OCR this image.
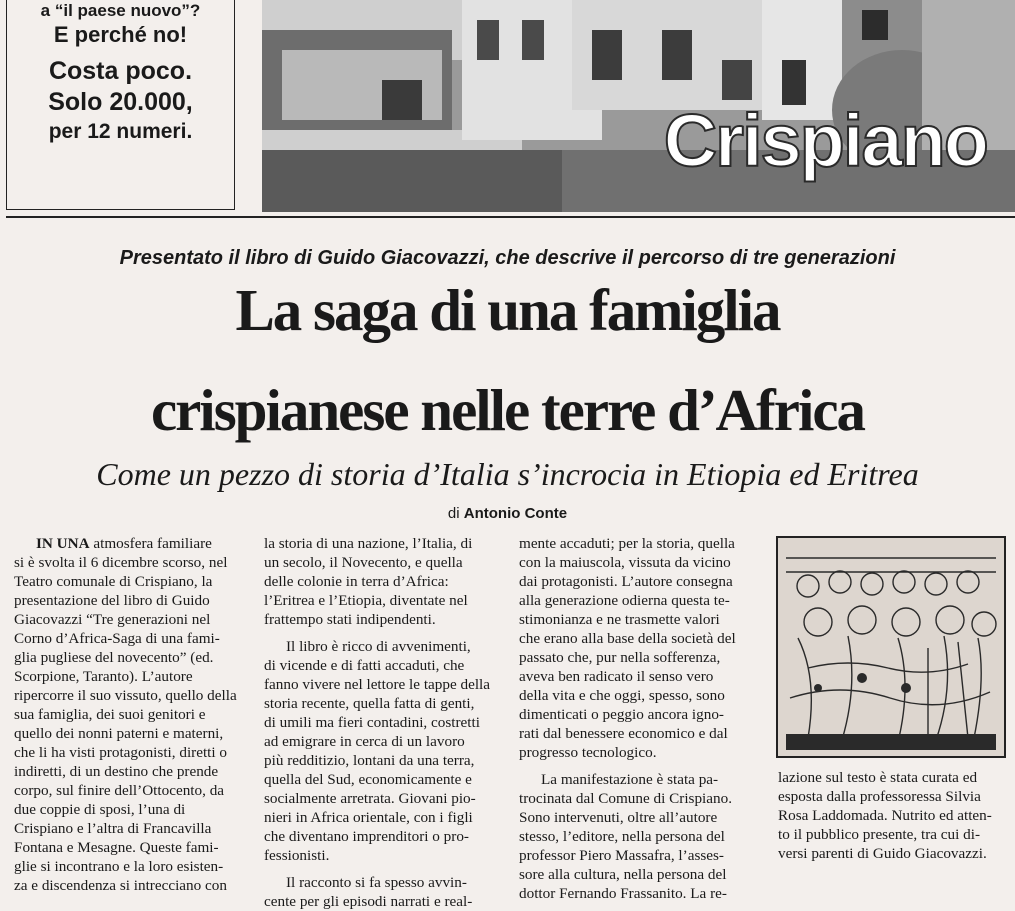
a “il paese nuovo”?
E perché no!
Costa poco.
Solo 20.000,
per 12 numeri.	Crispiano
Presentato il libro di Guido Giacovazzi, che descrive il percorso di tre generazioni
La saga di una famiglia
crispianese nelle terre d’Africa
Come un pezzo di storia d’Italia s’incrocia in Etiopia ed Eritrea
di Antonio Conte
IN UNA atmosfera familiare
si è svolta il 6 dicembre scorso, nel
Teatro comunale di Crispiano, la
presentazione del libro di Guido
Giacovazzi “Tre generazioni nel
Corno d’Africa-Saga di una fami-
glia pugliese del novecento” (ed.
Scorpione, Taranto). L’autore
ripercorre il suo vissuto, quello della
sua famiglia, dei suoi genitori e
quello dei nonni paterni e materni,
che li ha visti protagonisti, diretti o
indiretti, di un destino che prende
corpo, sul finire dell’Ottocento, da
due coppie di sposi, l’una di
Crispiano e l’altra di Francavilla
Fontana e Mesagne. Queste fami-
glie si incontrano e la loro esisten-
za e discendenza si intrecciano con
la storia di una nazione, l’Italia, di
un secolo, il Novecento, e quella
delle colonie in terra d’Africa:
l’Eritrea e l’Etiopia, diventate nel
frattempo stati indipendenti.
Il libro è ricco di avvenimenti,
di vicende e di fatti accaduti, che
fanno vivere nel lettore le tappe della
storia recente, quella fatta di genti,
di umili ma fieri contadini, costretti
ad emigrare in cerca di un lavoro
più redditizio, lontani da una terra,
quella del Sud, economicamente e
socialmente arretrata. Giovani pio-
nieri in Africa orientale, con i figli
che diventano imprenditori o pro-
fessionisti.
Il racconto si fa spesso avvin-
cente per gli episodi narrati e real-
mente accaduti; per la storia, quella
con la maiuscola, vissuta da vicino
dai protagonisti. L’autore consegna
alla generazione odierna questa te-
stimonianza e ne trasmette valori
che erano alla base della società del
passato che, pur nella sofferenza,
aveva ben radicato il senso vero
della vita e che oggi, spesso, sono
dimenticati o peggio ancora igno-
rati dal benessere economico e dal
progresso tecnologico.
La manifestazione è stata pa-
trocinata dal Comune di Crispiano.
Sono intervenuti, oltre all’autore
stesso, l’editore, nella persona del
professor Piero Massafra, l’asses-
sore alla cultura, nella persona del
dottor Fernando Frassanito. La re-
lazione sul testo è stata curata ed
esposta dalla professoressa Silvia
Rosa Laddomada. Nutrito ed atten-
to il pubblico presente, tra cui di-
versi parenti di Guido Giacovazzi.
